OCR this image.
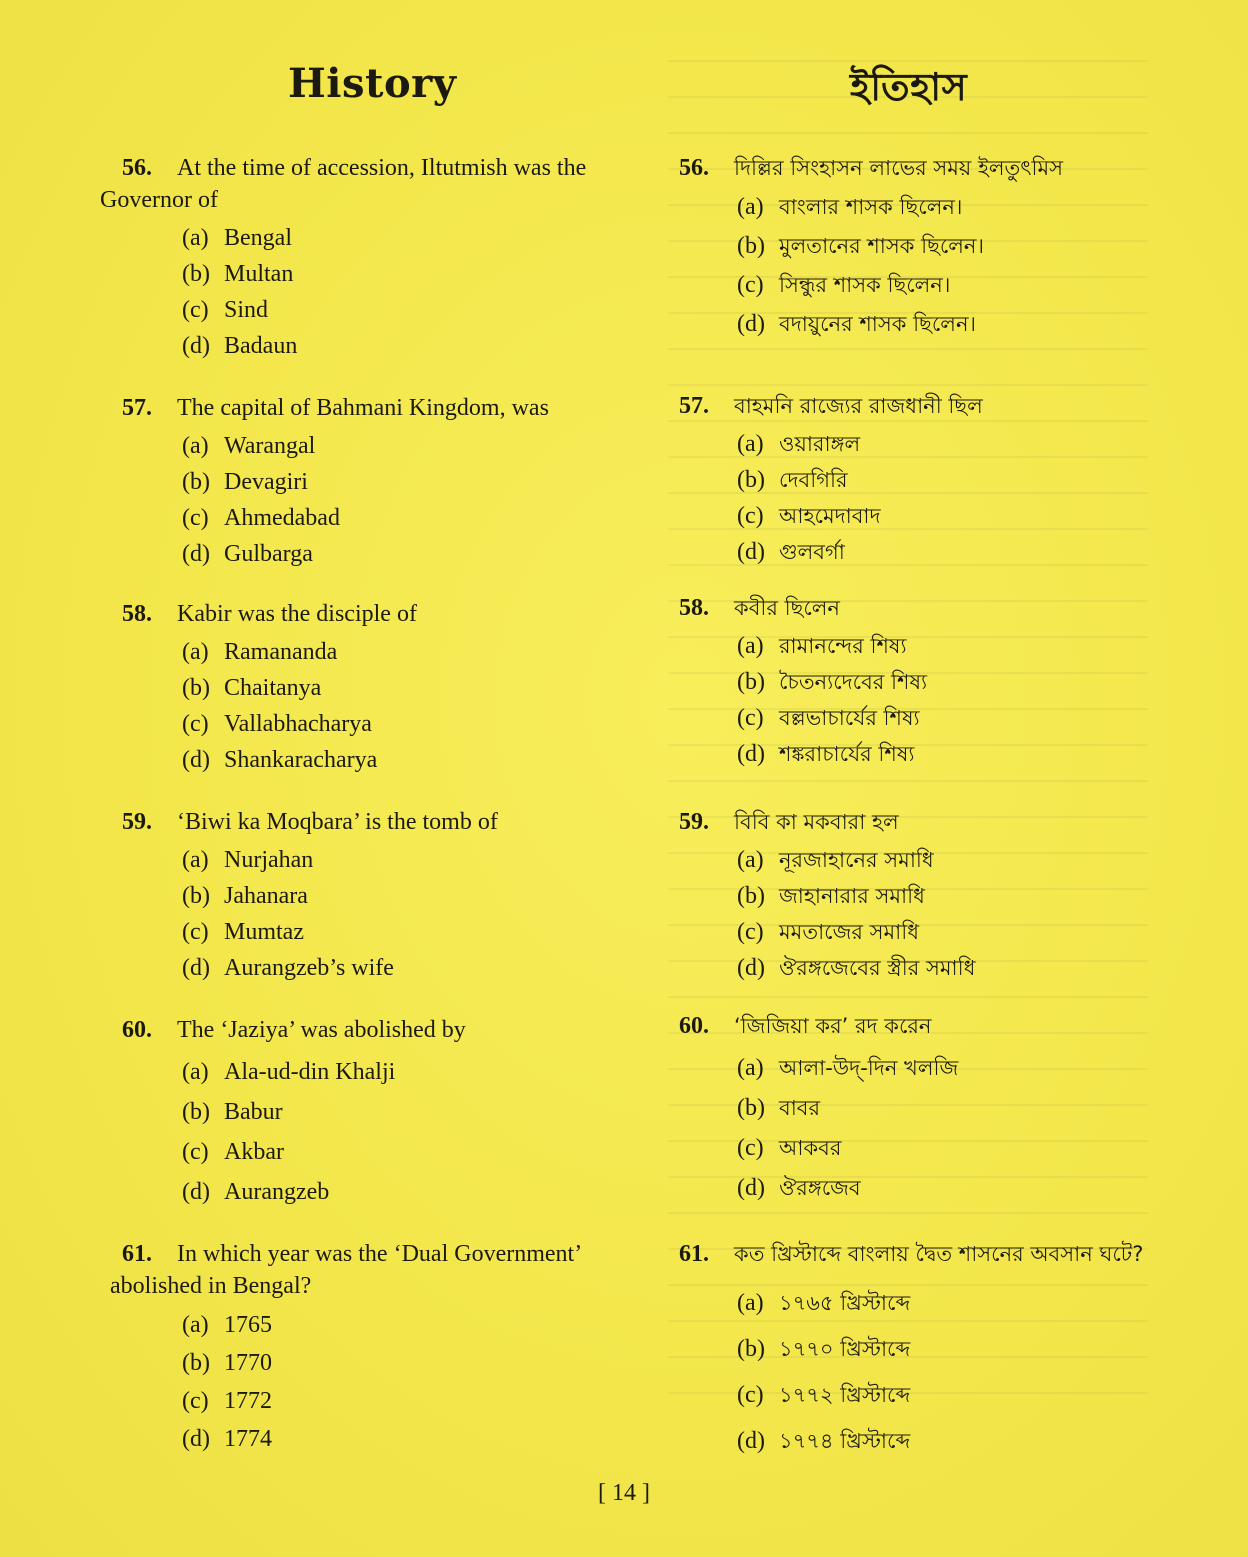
History
56. At the time of accession, Iltutmish was the
Governor of
(a) Bengal
(b) Multan
(c) Sind
(d) Badaun
57. The capital of Bahmani Kingdom, was
(a) Warangal
(b) Devagiri
(c) Ahmedabad
(d) Gulbarga
58. Kabir was the disciple of
(a) Ramananda
(b) Chaitanya
(c) Vallabhacharya
(d) Shankaracharya
59. ‘Biwi ka Moqbara’ is the tomb of
(a) Nurjahan
(b) Jahanara
(c) Mumtaz
(d) Aurangzeb’s wife
60. The ‘Jaziya’ was abolished by
(a) Ala-ud-din Khalji
(b) Babur
(c) Akbar
(d) Aurangzeb
61. In which year was the ‘Dual Government’
abolished in Bengal?
(a) 1765
(b) 1770
(c) 1772
(d) 1774
ইতিহাস
56. দিল্লির সিংহাসন লাভের সময় ইলতুৎমিস
(a) বাংলার শাসক ছিলেন।
(b) মুলতানের শাসক ছিলেন।
(c) সিন্ধুর শাসক ছিলেন।
(d) বদায়ুনের শাসক ছিলেন।
57. বাহমনি রাজ্যের রাজধানী ছিল
(a) ওয়ারাঙ্গল
(b) দেবগিরি
(c) আহমেদাবাদ
(d) গুলবর্গা
58. কবীর ছিলেন
(a) রামানন্দের শিষ্য
(b) চৈতন্যদেবের শিষ্য
(c) বল্লভাচার্যের শিষ্য
(d) শঙ্করাচার্যের শিষ্য
59. বিবি কা মকবারা হল
(a) নূরজাহানের সমাধি
(b) জাহানারার সমাধি
(c) মমতাজের সমাধি
(d) ঔরঙ্গজেবের স্ত্রীর সমাধি
60. ‘জিজিয়া কর’ রদ করেন
(a) আলা-উদ্‌-দিন খলজি
(b) বাবর
(c) আকবর
(d) ঔরঙ্গজেব
61. কত খ্রিস্টাব্দে বাংলায় দ্বৈত শাসনের অবসান ঘটে?
(a) ১৭৬৫ খ্রিস্টাব্দে
(b) ১৭৭০ খ্রিস্টাব্দে
(c) ১৭৭২ খ্রিস্টাব্দে
(d) ১৭৭৪ খ্রিস্টাব্দে
[ 14 ]
